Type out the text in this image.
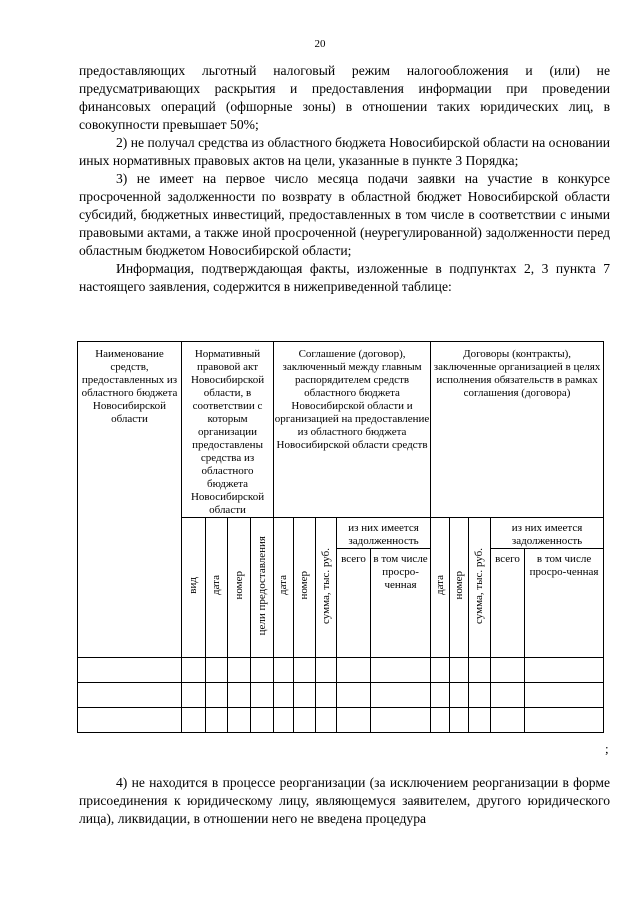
20

предоставляющих льготный налоговый режим налогообложения и (или) не предусматривающих раскрытия и предоставления информации при проведении финансовых операций (офшорные зоны) в отношении таких юридических лиц, в совокупности превышает 50%;

2) не получал средства из областного бюджета Новосибирской области на основании иных нормативных правовых актов на цели, указанные в пункте 3 Порядка;

3) не имеет на первое число месяца подачи заявки на участие в конкурсе просроченной задолженности по возврату в областной бюджет Новосибирской области субсидий, бюджетных инвестиций, предоставленных в том числе в соответствии с иными правовыми актами, а также иной просроченной (неурегулированной) задолженности перед областным бюджетом Новосибирской области;

Информация, подтверждающая факты, изложенные в подпунктах 2, 3 пункта 7 настоящего заявления, содержится в нижеприведенной таблице:

Наименование средств, предоставленных из областного бюджета Новосибирской области	Нормативный правовой акт Новосибирской области, в соответствии с которым организации предоставлены средства из областного бюджета Новосибирской области				Соглашение (договор), заключенный между главным распорядителем средств областного бюджета Новосибирской области и организацией на предоставление из областного бюджета Новосибирской области средств					Договоры (контракты), заключенные организацией в целях исполнения обязательств в рамках соглашения (договора)				
	вид	дата	номер	цели предоставления	дата	номер	сумма, тыс. руб.	из них имеется задолженность		дата	номер	сумма, тыс. руб.	из них имеется задолженность	
								всего	в том числе просро-ченная				всего	в том числе просро-ченная

;

4) не находится в процессе реорганизации (за исключением реорганизации в форме присоединения к юридическому лицу, являющемуся заявителем, другого юридического лица), ликвидации, в отношении него не введена процедура
